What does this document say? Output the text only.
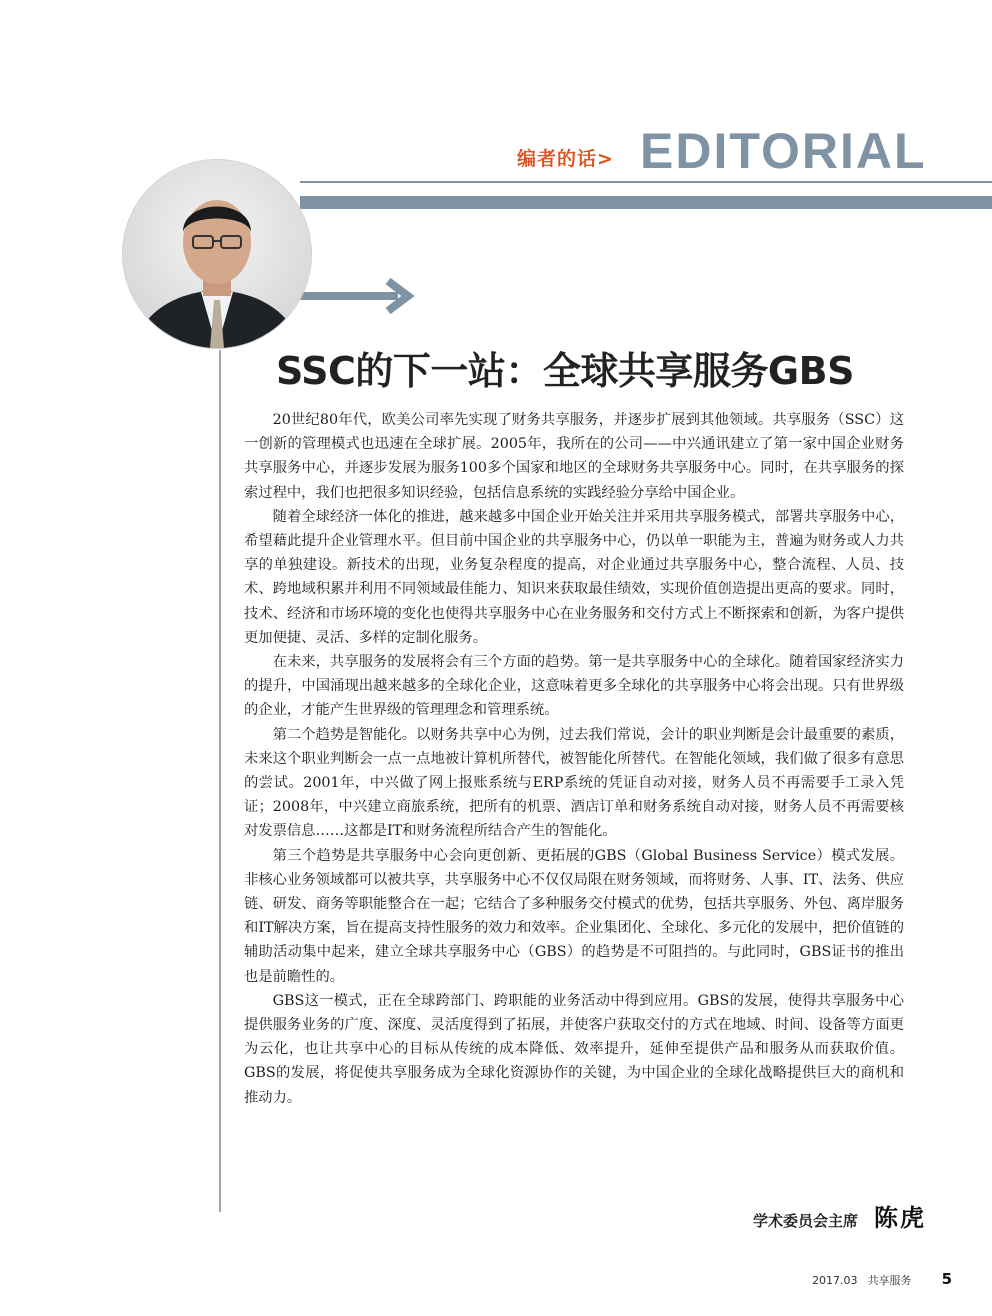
编者的话> EDITORIAL
SSC的下一站：全球共享服务GBS

20世纪80年代，欧美公司率先实现了财务共享服务，并逐步扩展到其他领域。共享服务（SSC）这一创新的管理模式也迅速在全球扩展。2005年，我所在的公司——中兴通讯建立了第一家中国企业财务共享服务中心，并逐步发展为服务100多个国家和地区的全球财务共享服务中心。同时，在共享服务的探索过程中，我们也把很多知识经验，包括信息系统的实践经验分享给中国企业。

随着全球经济一体化的推进，越来越多中国企业开始关注并采用共享服务模式，部署共享服务中心，希望藉此提升企业管理水平。但目前中国企业的共享服务中心，仍以单一职能为主，普遍为财务或人力共享的单独建设。新技术的出现，业务复杂程度的提高，对企业通过共享服务中心，整合流程、人员、技术、跨地域积累并利用不同领域最佳能力、知识来获取最佳绩效，实现价值创造提出更高的要求。同时，技术、经济和市场环境的变化也使得共享服务中心在业务服务和交付方式上不断探索和创新，为客户提供更加便捷、灵活、多样的定制化服务。

在未来，共享服务的发展将会有三个方面的趋势。第一是共享服务中心的全球化。随着国家经济实力的提升，中国涌现出越来越多的全球化企业，这意味着更多全球化的共享服务中心将会出现。只有世界级的企业，才能产生世界级的管理理念和管理系统。

第二个趋势是智能化。以财务共享中心为例，过去我们常说，会计的职业判断是会计最重要的素质，未来这个职业判断会一点一点地被计算机所替代，被智能化所替代。在智能化领域，我们做了很多有意思的尝试。2001年，中兴做了网上报账系统与ERP系统的凭证自动对接，财务人员不再需要手工录入凭证；2008年，中兴建立商旅系统，把所有的机票、酒店订单和财务系统自动对接，财务人员不再需要核对发票信息……这都是IT和财务流程所结合产生的智能化。

第三个趋势是共享服务中心会向更创新、更拓展的GBS（Global Business Service）模式发展。非核心业务领域都可以被共享，共享服务中心不仅仅局限在财务领域，而将财务、人事、IT、法务、供应链、研发、商务等职能整合在一起；它结合了多种服务交付模式的优势，包括共享服务、外包、离岸服务和IT解决方案，旨在提高支持性服务的效力和效率。企业集团化、全球化、多元化的发展中，把价值链的辅助活动集中起来，建立全球共享服务中心（GBS）的趋势是不可阻挡的。与此同时，GBS证书的推出也是前瞻性的。

GBS这一模式，正在全球跨部门、跨职能的业务活动中得到应用。GBS的发展，使得共享服务中心提供服务业务的广度、深度、灵活度得到了拓展，并使客户获取交付的方式在地域、时间、设备等方面更为云化，也让共享中心的目标从传统的成本降低、效率提升，延伸至提供产品和服务从而获取价值。GBS的发展，将促使共享服务成为全球化资源协作的关键，为中国企业的全球化战略提供巨大的商机和推动力。

学术委员会主席 陈虎
2017.03 共享服务 5
